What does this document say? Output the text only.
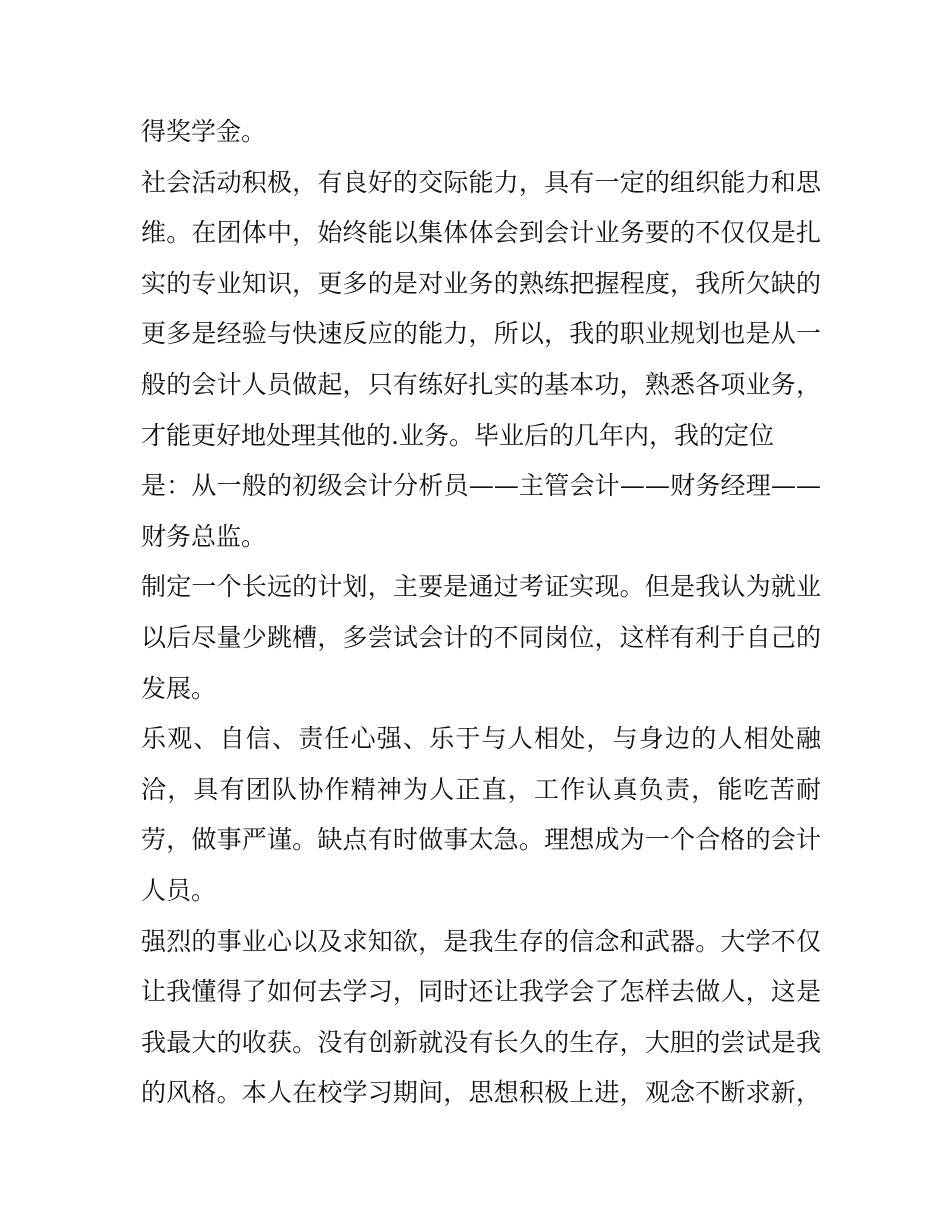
得奖学金。
社会活动积极，有良好的交际能力，具有一定的组织能力和思
维。在团体中，始终能以集体体会到会计业务要的不仅仅是扎
实的专业知识，更多的是对业务的熟练把握程度，我所欠缺的
更多是经验与快速反应的能力，所以，我的职业规划也是从一
般的会计人员做起，只有练好扎实的基本功，熟悉各项业务，
才能更好地处理其他的.业务。毕业后的几年内，我的定位
是：从一般的初级会计分析员——主管会计——财务经理——
财务总监。
制定一个长远的计划，主要是通过考证实现。但是我认为就业
以后尽量少跳槽，多尝试会计的不同岗位，这样有利于自己的
发展。
乐观、自信、责任心强、乐于与人相处，与身边的人相处融
洽，具有团队协作精神为人正直，工作认真负责，能吃苦耐
劳，做事严谨。缺点有时做事太急。理想成为一个合格的会计
人员。
强烈的事业心以及求知欲，是我生存的信念和武器。大学不仅
让我懂得了如何去学习，同时还让我学会了怎样去做人，这是
我最大的收获。没有创新就没有长久的生存，大胆的尝试是我
的风格。本人在校学习期间，思想积极上进，观念不断求新，
